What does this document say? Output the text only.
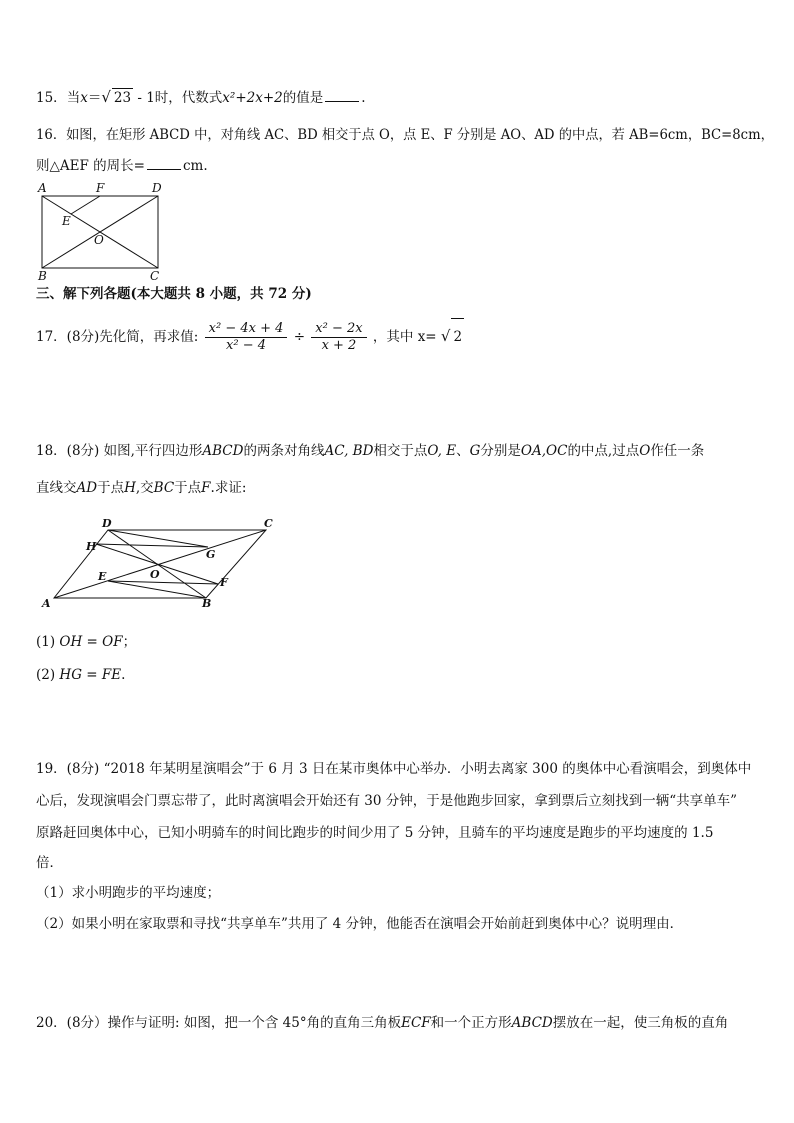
15．当x＝√ 23 - 1时，代数式x²+2x+2的值是	.
16．如图，在矩形 ABCD 中，对角线 AC、BD 相交于点 O，点 E、F 分别是 AO、AD 的中点，若 AB=6cm，BC=8cm，
则△AEF 的周长=	cm.
A	F	D
E
O
B	C
三、解下列各题(本大题共 8 小题，共 72 分)
17．(8分)先化简，再求值: $\frac{\text{x² − 4x + 4}}{\text{x² − 4}} \div \frac{\text{x² − 2x}}{x + 2}$ ，其中 x= √ 2
18．(8分) 如图,平行四边形ABCD的两条对角线AC, BD相交于点O, E、G分别是OA,OC的中点,过点O作任一条
直线交AD于点H,交BC于点F.求证:
D	C
H
G
E	O
F
A	B
(1) OH = OF；
(2) HG = FE.
19．(8分) “2018 年某明星演唱会”于 6 月 3 日在某市奥体中心举办．小明去离家 300 的奥体中心看演唱会，到奥体中
心后，发现演唱会门票忘带了，此时离演唱会开始还有 30 分钟，于是他跑步回家，拿到票后立刻找到一辆“共享单车”
原路赶回奥体中心，已知小明骑车的时间比跑步的时间少用了 5 分钟，且骑车的平均速度是跑步的平均速度的 1.5
倍．
（1）求小明跑步的平均速度；
（2）如果小明在家取票和寻找“共享单车”共用了 4 分钟，他能否在演唱会开始前赶到奥体中心？说明理由．
20．(8分）操作与证明: 如图，把一个含 45°角的直角三角板ECF和一个正方形ABCD摆放在一起，使三角板的直角
